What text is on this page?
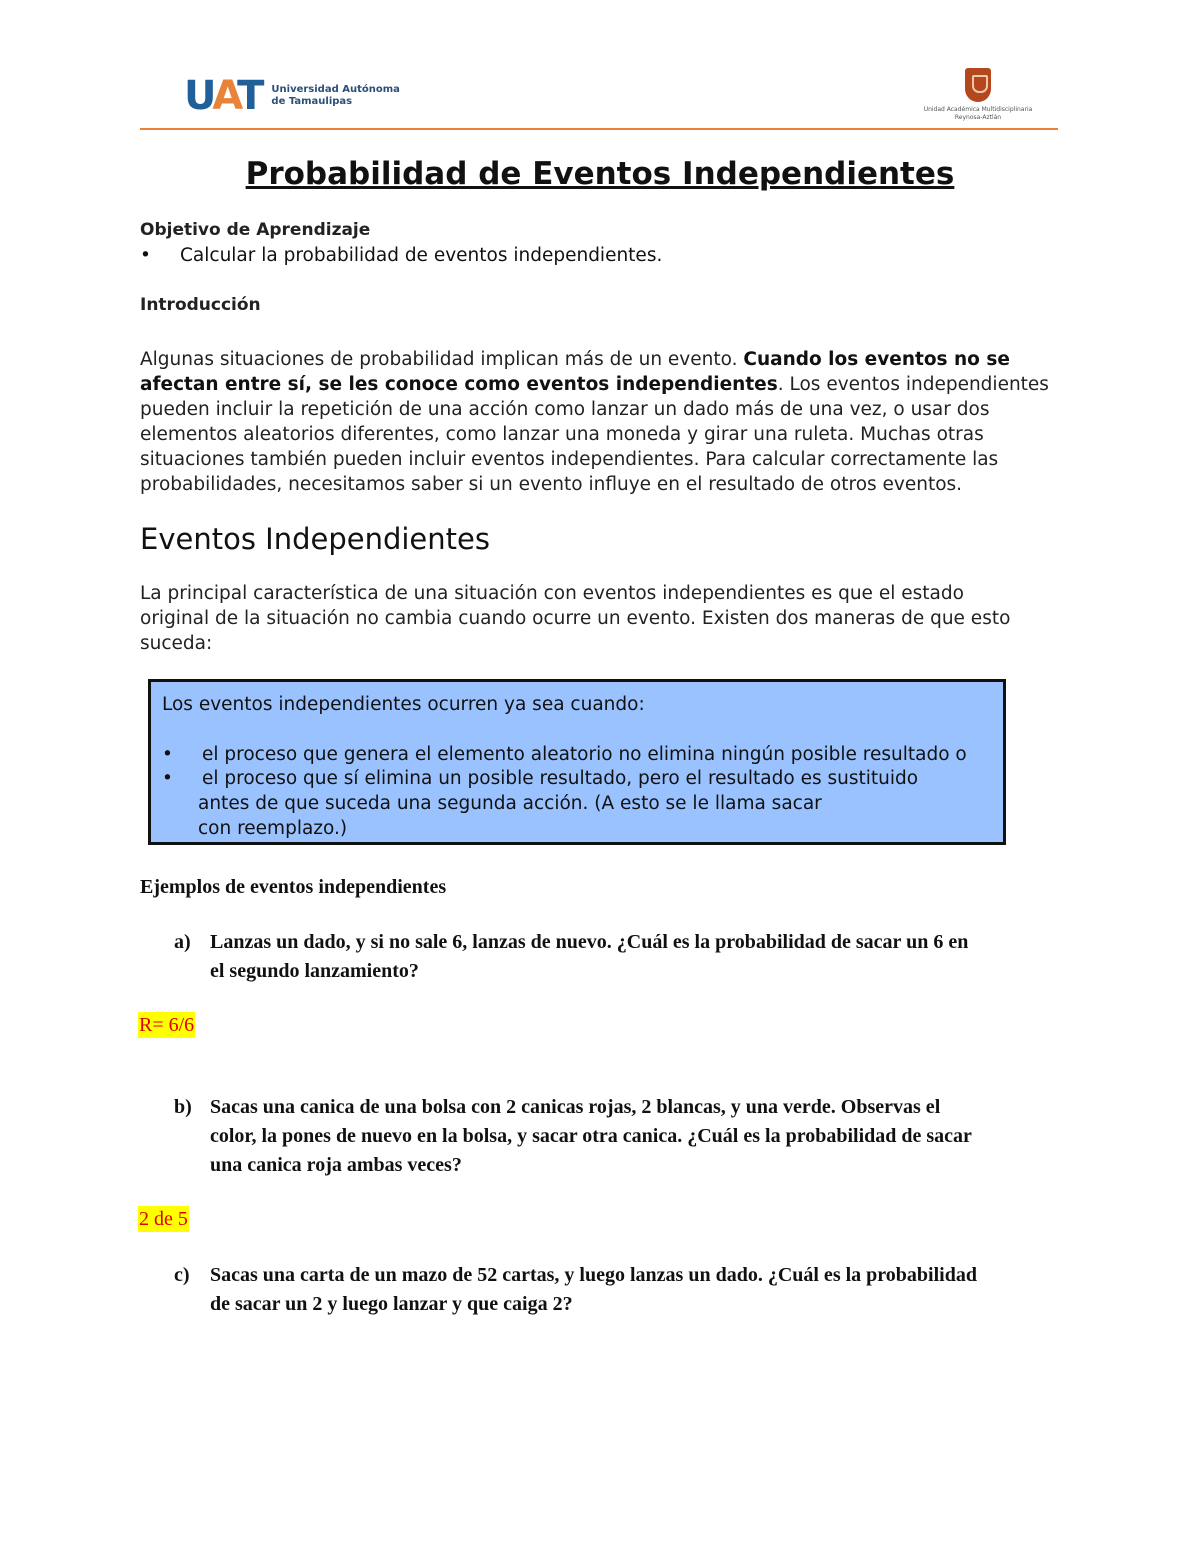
UAT Universidad Autónoma
de Tamaulipas
Unidad Académica Multidisciplinaria
Reynosa-Aztlán
Probabilidad de Eventos Independientes
Objetivo de Aprendizaje
• Calcular la probabilidad de eventos independientes.
Introducción
Algunas situaciones de probabilidad implican más de un evento. Cuando los eventos no se
afectan entre sí, se les conoce como eventos independientes. Los eventos independientes
pueden incluir la repetición de una acción como lanzar un dado más de una vez, o usar dos
elementos aleatorios diferentes, como lanzar una moneda y girar una ruleta. Muchas otras
situaciones también pueden incluir eventos independientes. Para calcular correctamente las
probabilidades, necesitamos saber si un evento influye en el resultado de otros eventos.
Eventos Independientes
La principal característica de una situación con eventos independientes es que el estado
original de la situación no cambia cuando ocurre un evento. Existen dos maneras de que esto
suceda:
Los eventos independientes ocurren ya sea cuando:
• el proceso que genera el elemento aleatorio no elimina ningún posible resultado o
• el proceso que sí elimina un posible resultado, pero el resultado es sustituido
antes de que suceda una segunda acción. (A esto se le llama sacar
con reemplazo.)
Ejemplos de eventos independientes
a) Lanzas un dado, y si no sale 6, lanzas de nuevo. ¿Cuál es la probabilidad de sacar un 6 en
el segundo lanzamiento?
R= 6/6
b) Sacas una canica de una bolsa con 2 canicas rojas, 2 blancas, y una verde. Observas el
color, la pones de nuevo en la bolsa, y sacar otra canica. ¿Cuál es la probabilidad de sacar
una canica roja ambas veces?
2 de 5
c) Sacas una carta de un mazo de 52 cartas, y luego lanzas un dado. ¿Cuál es la probabilidad
de sacar un 2 y luego lanzar y que caiga 2?
